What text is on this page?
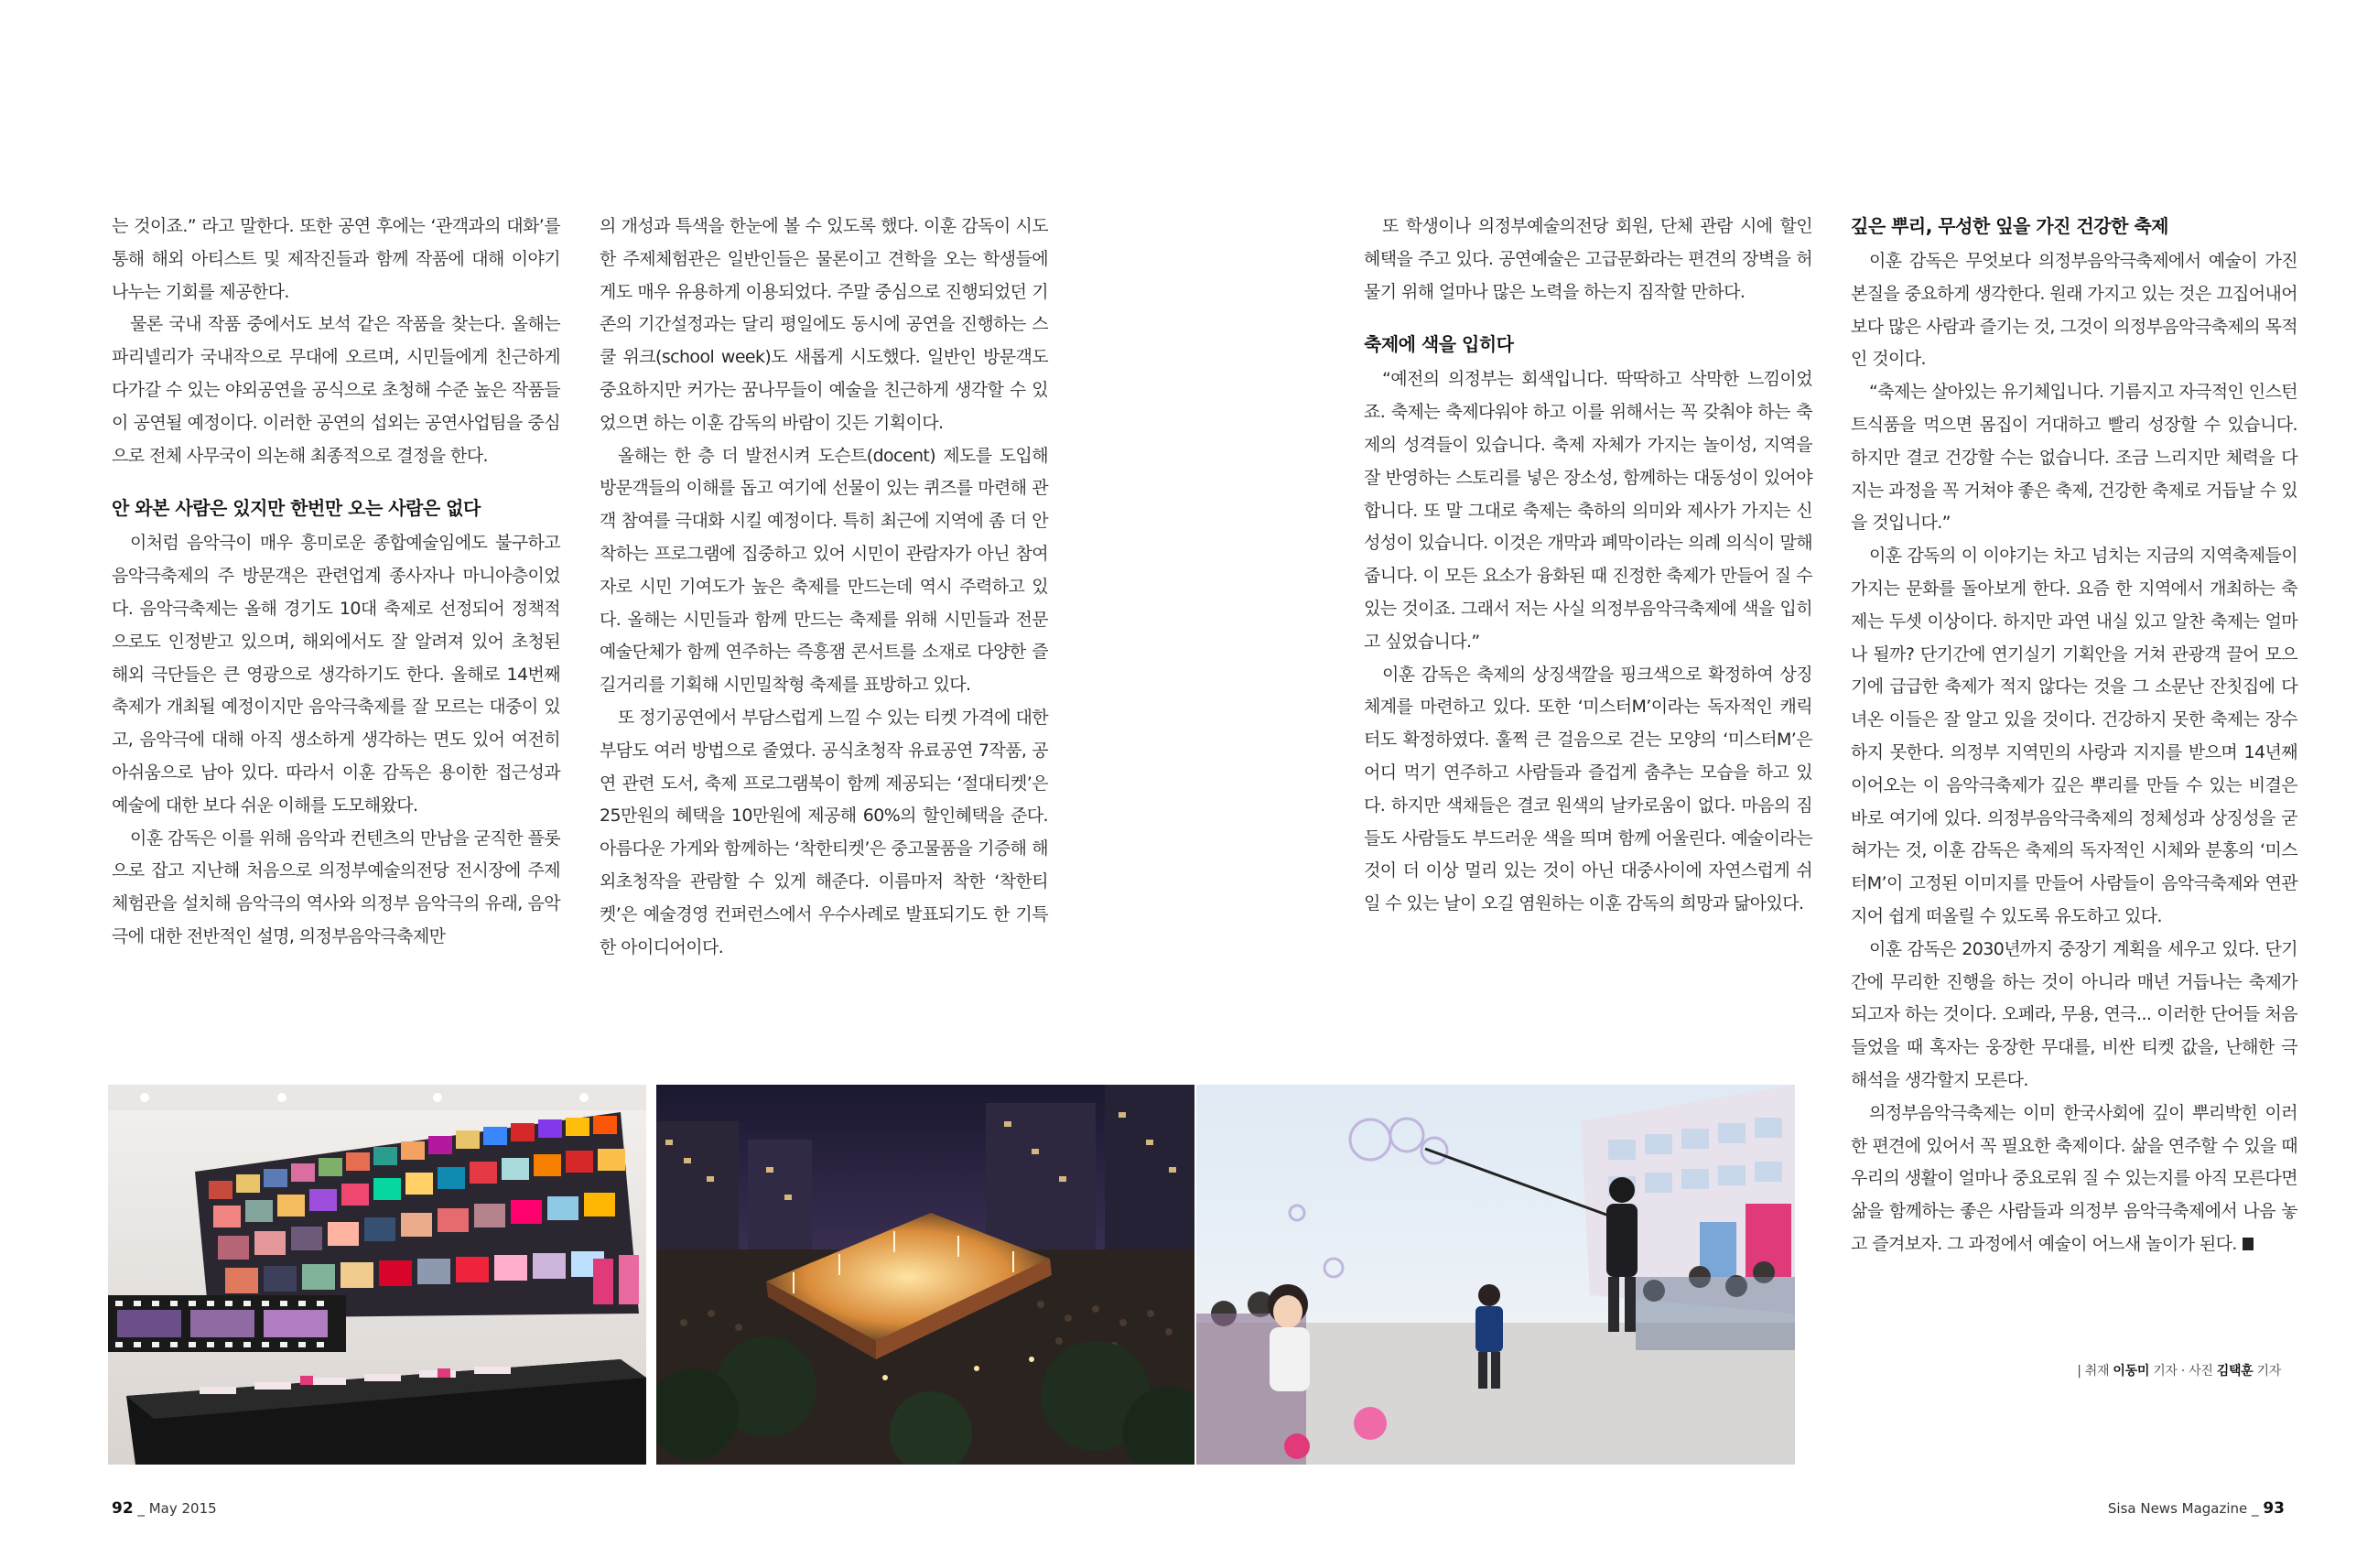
는 것이죠.” 라고 말한다. 또한 공연 후에는 ‘관객과의 대화’를 통해 해외 아티스트 및 제작진들과 함께 작품에 대해 이야기 나누는 기회를 제공한다.

물론 국내 작품 중에서도 보석 같은 작품을 찾는다. 올해는 파리넬리가 국내작으로 무대에 오르며, 시민들에게 친근하게 다가갈 수 있는 야외공연을 공식으로 초청해 수준 높은 작품들이 공연될 예정이다. 이러한 공연의 섭외는 공연사업팀을 중심으로 전체 사무국이 의논해 최종적으로 결정을 한다.

안 와본 사람은 있지만 한번만 오는 사람은 없다

이처럼 음악극이 매우 흥미로운 종합예술임에도 불구하고 음악극축제의 주 방문객은 관련업계 종사자나 마니아층이었다. 음악극축제는 올해 경기도 10대 축제로 선정되어 정책적으로도 인정받고 있으며, 해외에서도 잘 알려져 있어 초청된 해외 극단들은 큰 영광으로 생각하기도 한다. 올해로 14번째 축제가 개최될 예정이지만 음악극축제를 잘 모르는 대중이 있고, 음악극에 대해 아직 생소하게 생각하는 면도 있어 여전히 아쉬움으로 남아 있다. 따라서 이훈 감독은 용이한 접근성과 예술에 대한 보다 쉬운 이해를 도모해왔다.

이훈 감독은 이를 위해 음악과 컨텐츠의 만남을 굳직한 플롯으로 잡고 지난해 처음으로 의정부예술의전당 전시장에 주제체험관을 설치해 음악극의 역사와 의정부 음악극의 유래, 음악극에 대한 전반적인 설명, 의정부음악극축제만

의 개성과 특색을 한눈에 볼 수 있도록 했다. 이훈 감독이 시도한 주제체험관은 일반인들은 물론이고 견학을 오는 학생들에게도 매우 유용하게 이용되었다. 주말 중심으로 진행되었던 기존의 기간설정과는 달리 평일에도 동시에 공연을 진행하는 스쿨 위크(school week)도 새롭게 시도했다. 일반인 방문객도 중요하지만 커가는 꿈나무들이 예술을 친근하게 생각할 수 있었으면 하는 이훈 감독의 바람이 깃든 기획이다.

올해는 한 층 더 발전시켜 도슨트(docent) 제도를 도입해 방문객들의 이해를 돕고 여기에 선물이 있는 퀴즈를 마련해 관객 참여를 극대화 시킬 예정이다. 특히 최근에 지역에 좀 더 안착하는 프로그램에 집중하고 있어 시민이 관람자가 아닌 참여자로 시민 기여도가 높은 축제를 만드는데 역시 주력하고 있다. 올해는 시민들과 함께 만드는 축제를 위해 시민들과 전문 예술단체가 함께 연주하는 즉흥잼 콘서트를 소재로 다양한 즐길거리를 기획해 시민밀착형 축제를 표방하고 있다.

또 정기공연에서 부담스럽게 느낄 수 있는 티켓 가격에 대한 부담도 여러 방법으로 줄였다. 공식초청작 유료공연 7작품, 공연 관련 도서, 축제 프로그램북이 함께 제공되는 ‘절대티켓’은 25만원의 혜택을 10만원에 제공해 60%의 할인혜택을 준다. 아름다운 가게와 함께하는 ‘착한티켓’은 중고물품을 기증해 해외초청작을 관람할 수 있게 해준다. 이름마저 착한 ‘착한티켓’은 예술경영 컨퍼런스에서 우수사례로 발표되기도 한 기특한 아이디어이다.

또 학생이나 의정부예술의전당 회원, 단체 관람 시에 할인 혜택을 주고 있다. 공연예술은 고급문화라는 편견의 장벽을 허물기 위해 얼마나 많은 노력을 하는지 짐작할 만하다.

축제에 색을 입히다

“예전의 의정부는 회색입니다. 딱딱하고 삭막한 느낌이었죠. 축제는 축제다워야 하고 이를 위해서는 꼭 갖춰야 하는 축제의 성격들이 있습니다. 축제 자체가 가지는 놀이성, 지역을 잘 반영하는 스토리를 넣은 장소성, 함께하는 대동성이 있어야 합니다. 또 말 그대로 축제는 축하의 의미와 제사가 가지는 신성성이 있습니다. 이것은 개막과 폐막이라는 의례 의식이 말해줍니다. 이 모든 요소가 융화된 때 진정한 축제가 만들어 질 수 있는 것이죠. 그래서 저는 사실 의정부음악극축제에 색을 입히고 싶었습니다.”

이훈 감독은 축제의 상징색깔을 핑크색으로 확정하여 상징체계를 마련하고 있다. 또한 ‘미스터M’이라는 독자적인 캐릭터도 확정하였다. 훌쩍 큰 걸음으로 걷는 모양의 ‘미스터M’은 어디 먹기 연주하고 사람들과 즐겁게 춤추는 모습을 하고 있다. 하지만 색채들은 결코 원색의 날카로움이 없다. 마음의 짐들도 사람들도 부드러운 색을 띄며 함께 어울린다. 예술이라는 것이 더 이상 멀리 있는 것이 아닌 대중사이에 자연스럽게 쉬일 수 있는 날이 오길 염원하는 이훈 감독의 희망과 닮아있다.

깊은 뿌리, 무성한 잎을 가진 건강한 축제

이훈 감독은 무엇보다 의정부음악극축제에서 예술이 가진 본질을 중요하게 생각한다. 원래 가지고 있는 것은 끄집어내어 보다 많은 사람과 즐기는 것, 그것이 의정부음악극축제의 목적인 것이다.

“축제는 살아있는 유기체입니다. 기름지고 자극적인 인스턴트식품을 먹으면 몸집이 거대하고 빨리 성장할 수 있습니다. 하지만 결코 건강할 수는 없습니다. 조금 느리지만 체력을 다지는 과정을 꼭 거쳐야 좋은 축제, 건강한 축제로 거듭날 수 있을 것입니다.”

이훈 감독의 이 이야기는 차고 넘치는 지금의 지역축제들이 가지는 문화를 돌아보게 한다. 요즘 한 지역에서 개최하는 축제는 두셋 이상이다. 하지만 과연 내실 있고 알찬 축제는 얼마나 될까? 단기간에 연기실기 기획안을 거쳐 관광객 끌어 모으기에 급급한 축제가 적지 않다는 것을 그 소문난 잔칫집에 다녀온 이들은 잘 알고 있을 것이다. 건강하지 못한 축제는 장수하지 못한다. 의정부 지역민의 사랑과 지지를 받으며 14년째 이어오는 이 음악극축제가 깊은 뿌리를 만들 수 있는 비결은 바로 여기에 있다. 의정부음악극축제의 정체성과 상징성을 굳혀가는 것, 이훈 감독은 축제의 독자적인 시체와 분홍의 ‘미스터M’이 고정된 이미지를 만들어 사람들이 음악극축제와 연관지어 쉽게 떠올릴 수 있도록 유도하고 있다.

이훈 감독은 2030년까지 중장기 계획을 세우고 있다. 단기간에 무리한 진행을 하는 것이 아니라 매년 거듭나는 축제가 되고자 하는 것이다. 오페라, 무용, 연극... 이러한 단어들 처음 들었을 때 혹자는 웅장한 무대를, 비싼 티켓 값을, 난해한 극 해석을 생각할지 모른다.

의정부음악극축제는 이미 한국사회에 깊이 뿌리박힌 이러한 편견에 있어서 꼭 필요한 축제이다. 삶을 연주할 수 있을 때 우리의 생활이 얼마나 중요로워 질 수 있는지를 아직 모른다면 삶을 함께하는 좋은 사람들과 의정부 음악극축제에서 나음 놓고 즐겨보자. 그 과정에서 예술이 어느새 놀이가 된다.

| 취재 이동미 기자 · 사진 김택훈 기자
92 _ May 2015	Sisa News Magazine _ 93
